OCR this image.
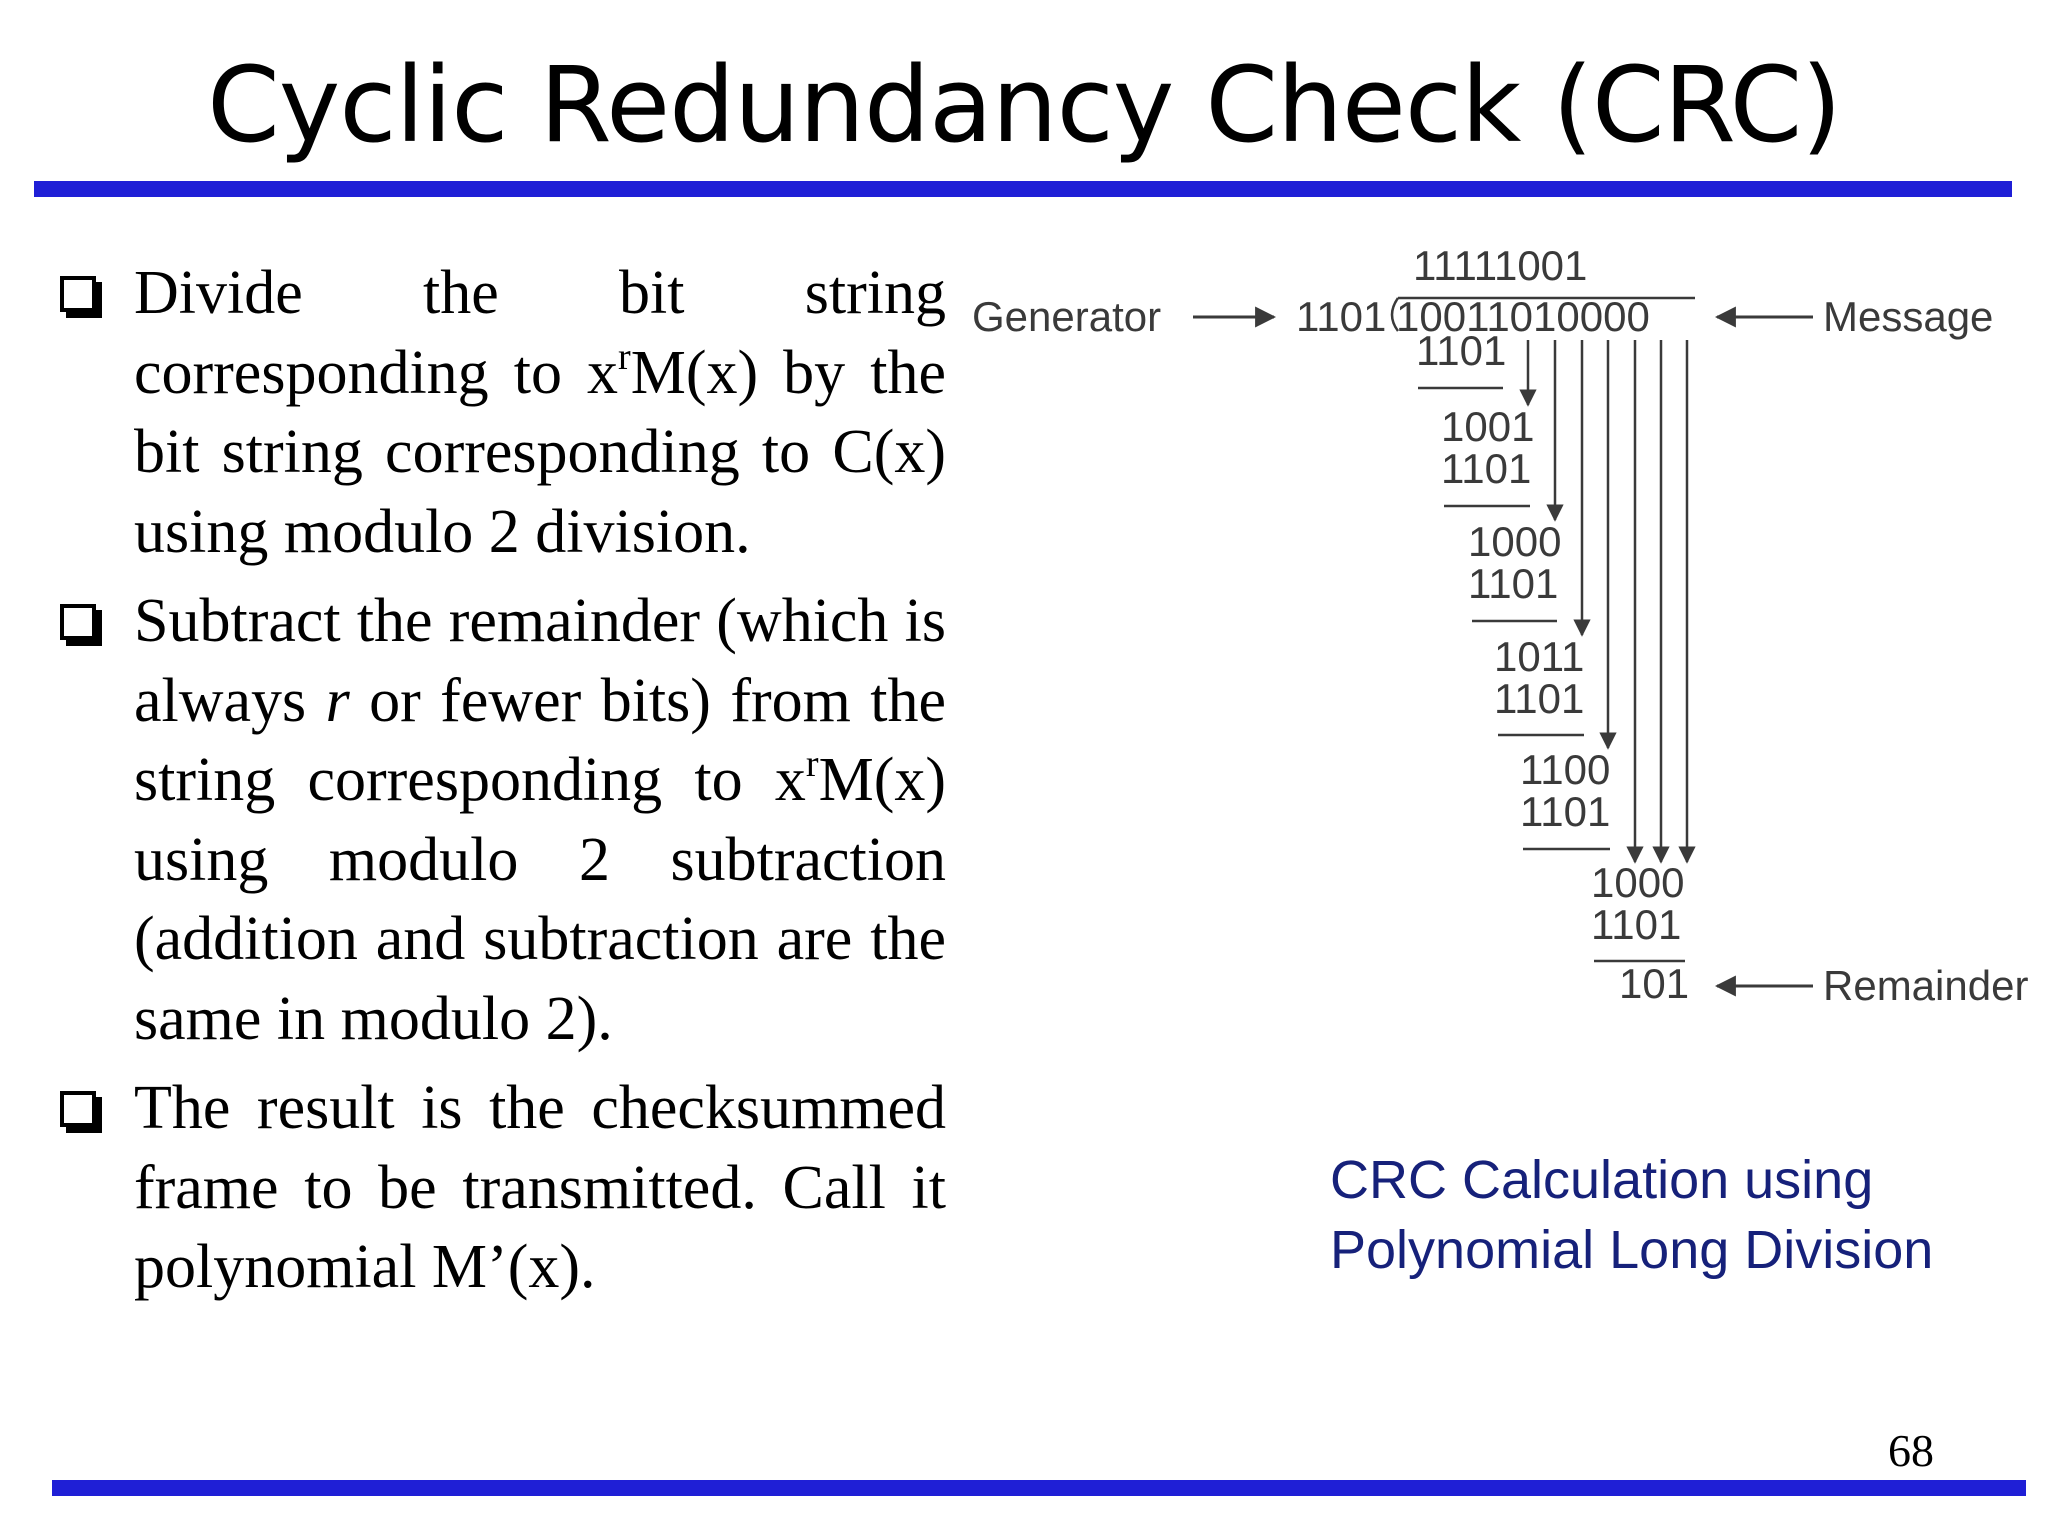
Cyclic Redundancy Check (CRC)
Divide the bit string corresponding to $x^rM(x)$ by the bit string corresponding to C(x) using modulo 2 division.
Subtract the remainder (which is always r or fewer bits) from the string corresponding to $x^rM(x)$ using modulo 2 subtraction (addition and subtraction are the same in modulo 2).
The result is the checksummed frame to be transmitted. Call it polynomial M’(x).
11111001
10011010000
1101
Generator	Message
1101
1001
1101
1000
1101
1011
1101
1100
1101
1000
1101
101	Remainder
CRC Calculation using
Polynomial Long Division
68
